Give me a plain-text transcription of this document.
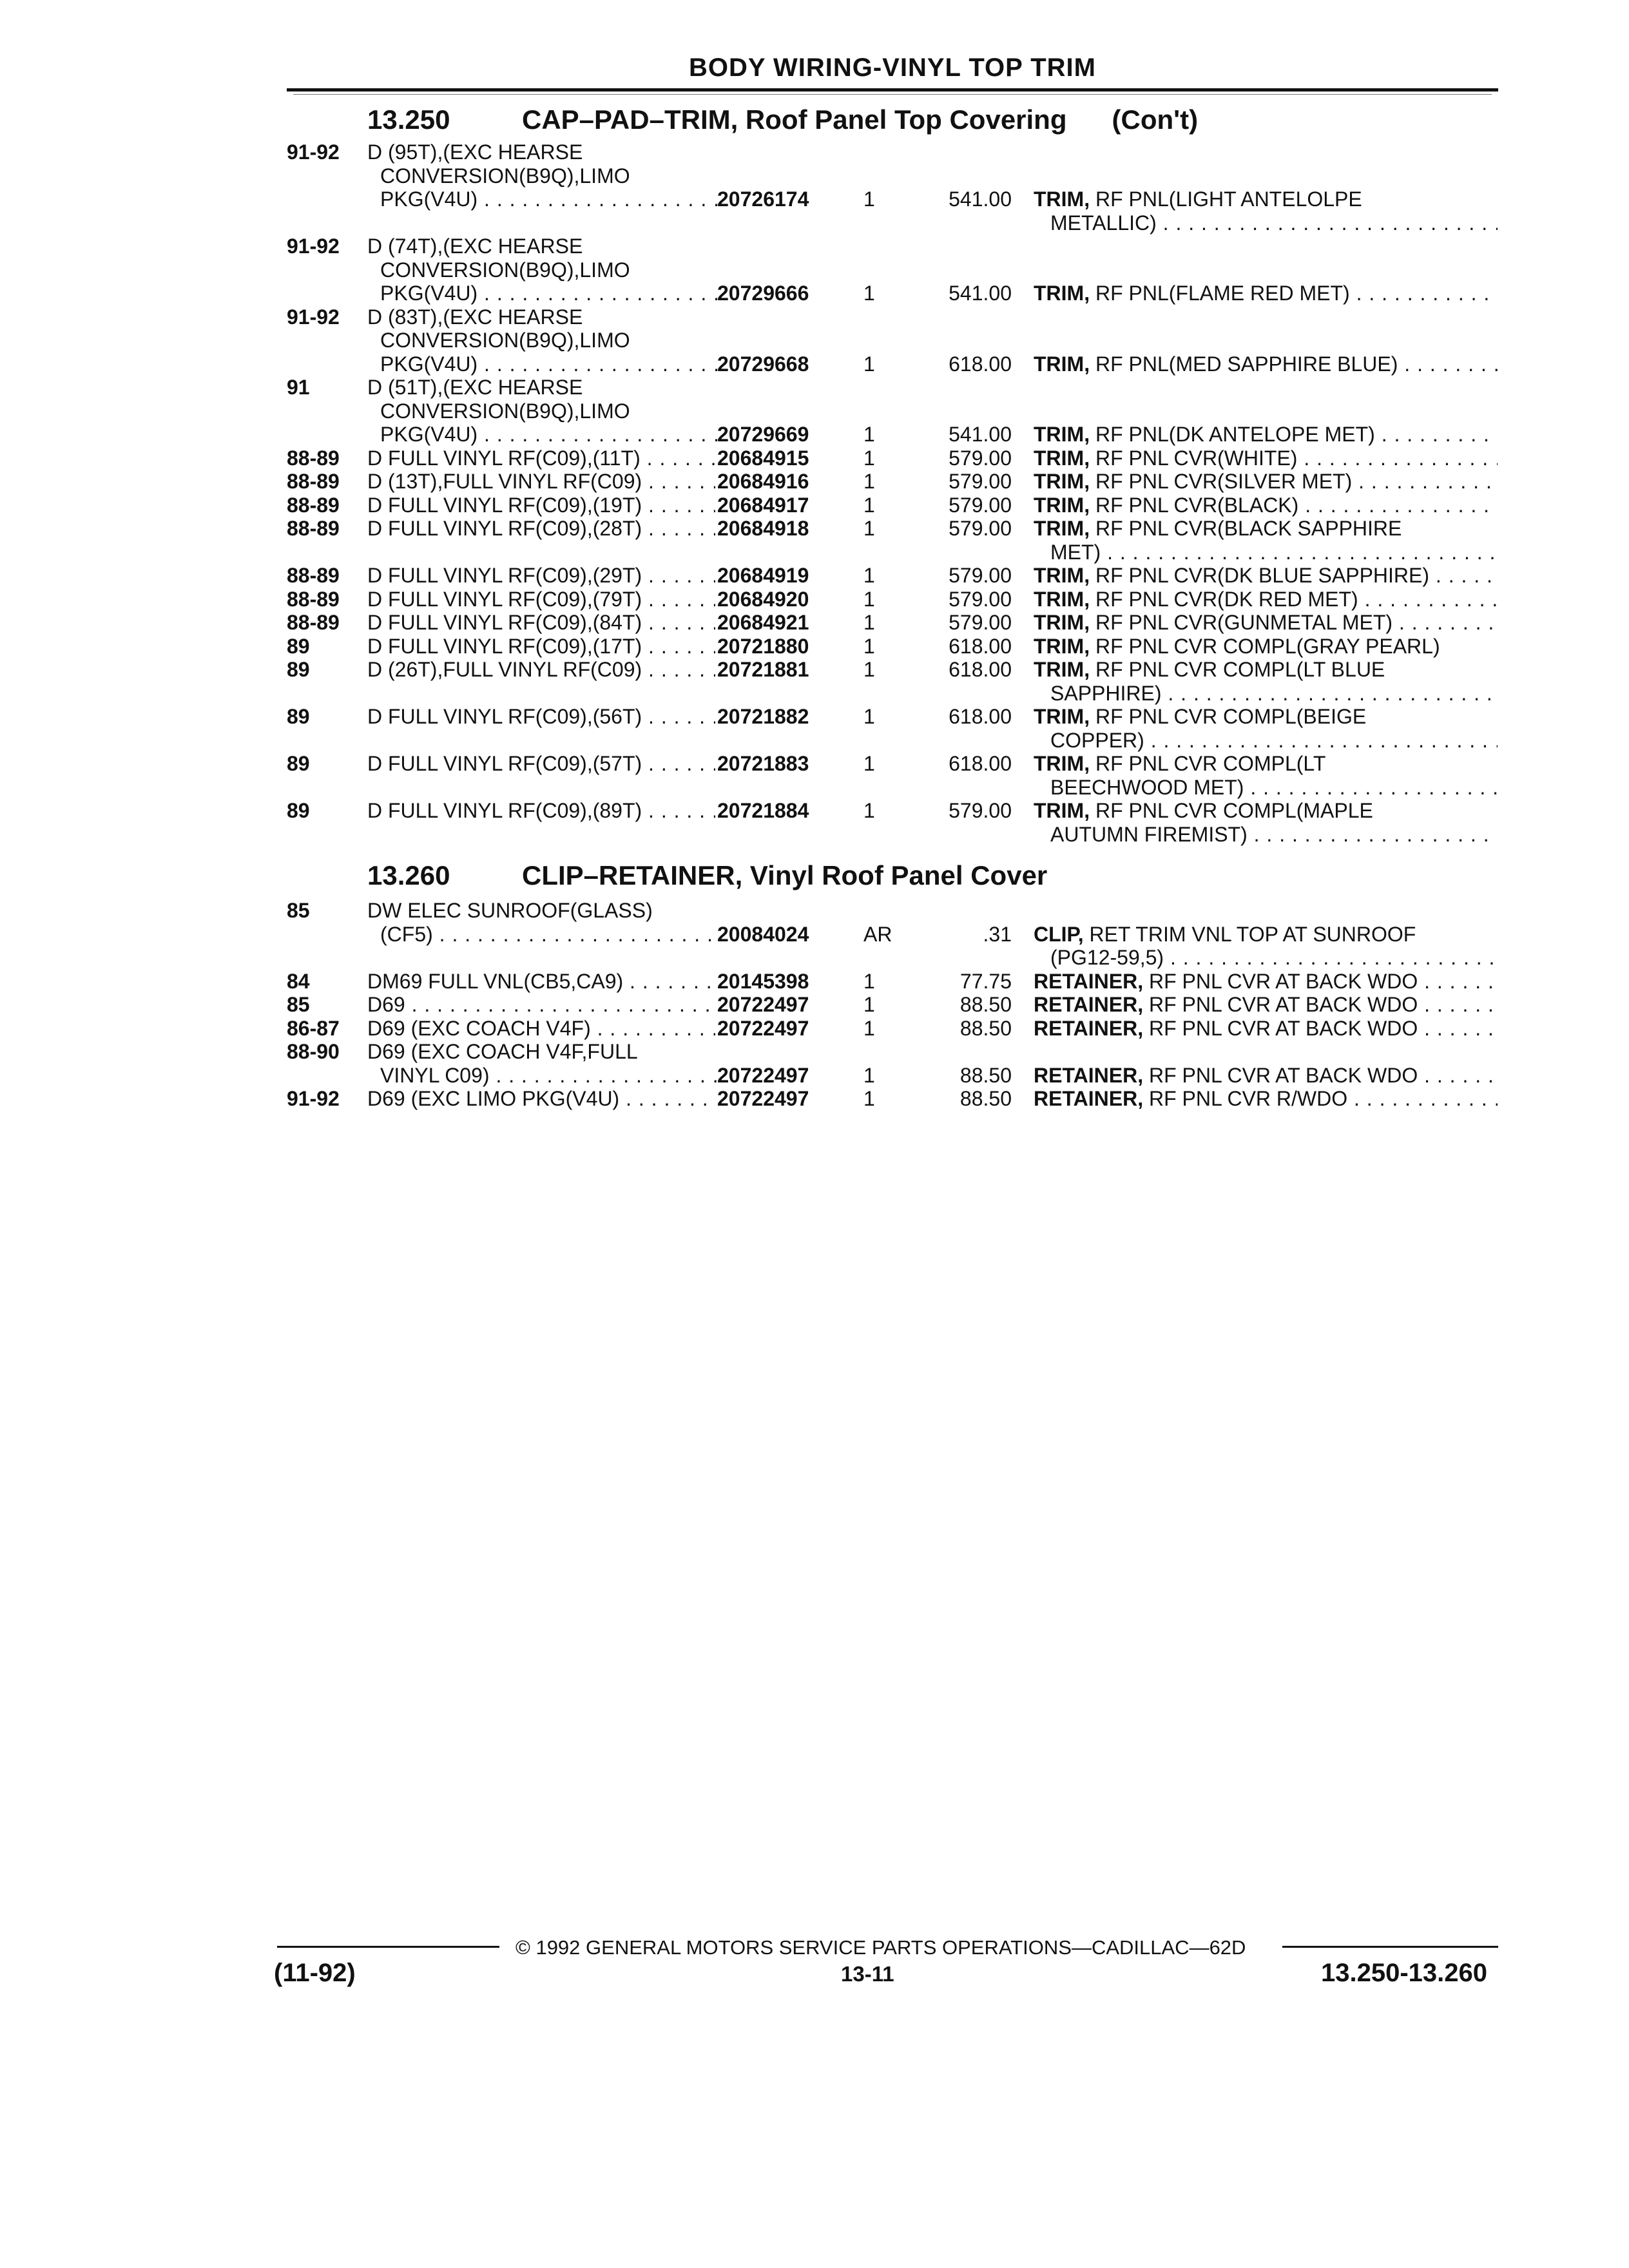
BODY WIRING-VINYL TOP TRIM
13.250	CAP–PAD–TRIM, Roof Panel Top Covering (Con't)
91-92	D (95T),(EXC HEARSE
CONVERSION(B9Q),LIMO
PKG(V4U) . . .	20726174	1	541.00 TRIM, RF PNL(LIGHT ANTELOLPE
METALLIC) . . .
91-92	D (74T),(EXC HEARSE
CONVERSION(B9Q),LIMO
PKG(V4U) . . .	20729666	1	541.00 TRIM, RF PNL(FLAME RED MET) . . .
91-92	D (83T),(EXC HEARSE
CONVERSION(B9Q),LIMO
PKG(V4U) . . .	20729668	1	618.00 TRIM, RF PNL(MED SAPPHIRE BLUE) . . .
91	D (51T),(EXC HEARSE
CONVERSION(B9Q),LIMO
PKG(V4U) . . .	20729669	1	541.00 TRIM, RF PNL(DK ANTELOPE MET) . . .
88-89	D FULL VINYL RF(C09),(11T) . . .	20684915	1	579.00 TRIM, RF PNL CVR(WHITE) . . .
88-89	D (13T),FULL VINYL RF(C09) . . .	20684916	1	579.00 TRIM, RF PNL CVR(SILVER MET) . . .
88-89	D FULL VINYL RF(C09),(19T) . . .	20684917	1	579.00 TRIM, RF PNL CVR(BLACK) . . .
88-89	D FULL VINYL RF(C09),(28T) . . .	20684918	1	579.00 TRIM, RF PNL CVR(BLACK SAPPHIRE
MET) . . .
88-89	D FULL VINYL RF(C09),(29T) . . .	20684919	1	579.00 TRIM, RF PNL CVR(DK BLUE SAPPHIRE) . . .
88-89	D FULL VINYL RF(C09),(79T) . . .	20684920	1	579.00 TRIM, RF PNL CVR(DK RED MET) . . .
88-89	D FULL VINYL RF(C09),(84T) . . .	20684921	1	579.00 TRIM, RF PNL CVR(GUNMETAL MET) . . .
89	D FULL VINYL RF(C09),(17T) . . .	20721880	1	618.00 TRIM, RF PNL CVR COMPL(GRAY PEARL)
89	D (26T),FULL VINYL RF(C09) . . .	20721881	1	618.00 TRIM, RF PNL CVR COMPL(LT BLUE
SAPPHIRE) . . .
89	D FULL VINYL RF(C09),(56T) . . .	20721882	1	618.00 TRIM, RF PNL CVR COMPL(BEIGE
COPPER) . . .
89	D FULL VINYL RF(C09),(57T) . . .	20721883	1	618.00 TRIM, RF PNL CVR COMPL(LT
BEECHWOOD MET) . . .
89	D FULL VINYL RF(C09),(89T) . . .	20721884	1	579.00 TRIM, RF PNL CVR COMPL(MAPLE
AUTUMN FIREMIST) . . .
13.260	CLIP–RETAINER, Vinyl Roof Panel Cover
85	DW ELEC SUNROOF(GLASS)
(CF5) . . .	20084024	AR	.31 CLIP, RET TRIM VNL TOP AT SUNROOF
(PG12-59,5) . . .
84	DM69 FULL VNL(CB5,CA9) . . .	20145398	1	77.75 RETAINER, RF PNL CVR AT BACK WDO . . .
85	D69 . . .	20722497	1	88.50 RETAINER, RF PNL CVR AT BACK WDO . . .
86-87	D69 (EXC COACH V4F) . . .	20722497	1	88.50 RETAINER, RF PNL CVR AT BACK WDO . . .
88-90	D69 (EXC COACH V4F,FULL
VINYL C09) . . .	20722497	1	88.50 RETAINER, RF PNL CVR AT BACK WDO . . .
91-92	D69 (EXC LIMO PKG(V4U) . . .	20722497	1	88.50 RETAINER, RF PNL CVR R/WDO . . .
© 1992 GENERAL MOTORS SERVICE PARTS OPERATIONS—CADILLAC—62D
(11-92)	13-11	13.250-13.260
